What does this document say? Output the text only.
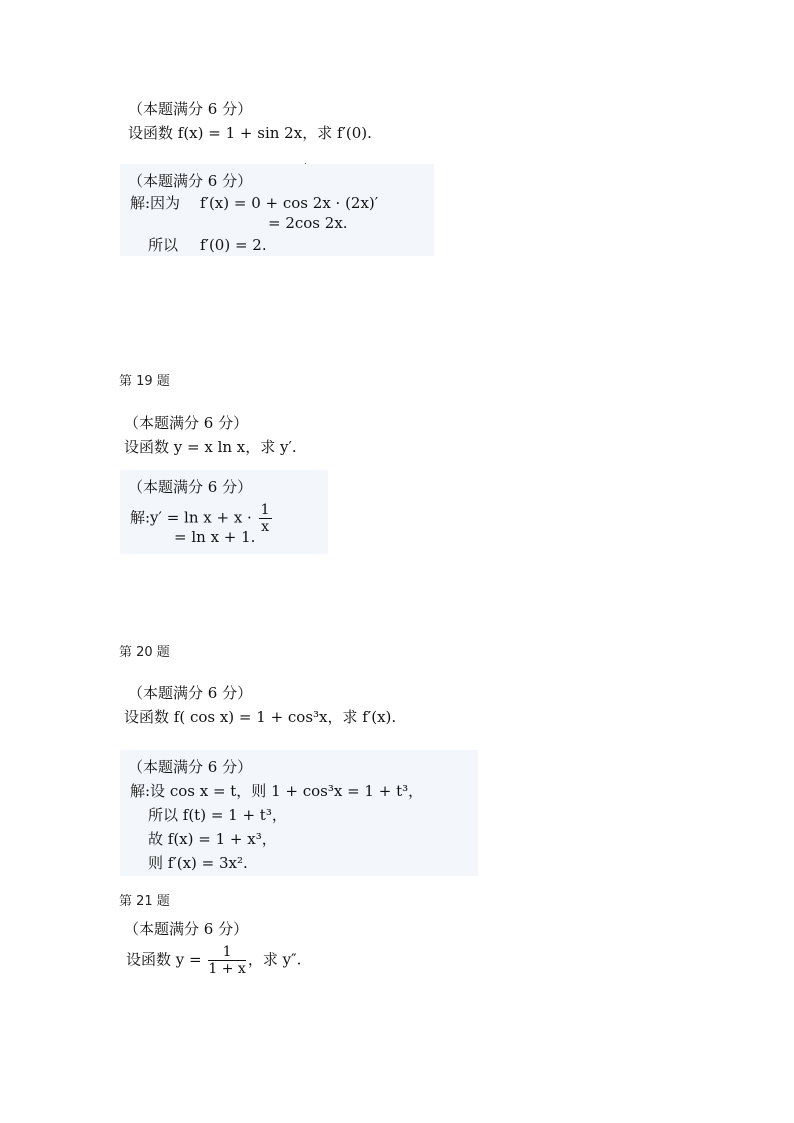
（本题满分 6 分）
设函数 f(x) = 1 + sin 2x，求 f′(0).
（本题满分 6 分）
解:因为 f′(x) = 0 + cos 2x · (2x)′
= 2cos 2x.
所以 f′(0) = 2.
第 19 题
（本题满分 6 分）
设函数 y = x ln x，求 y′.
（本题满分 6 分）
解:y′ = $\ln x + x \cdot \frac{1}{x}$
= ln x + 1.
第 20 题
（本题满分 6 分）
设函数 f( cos x) = 1 + cos³x，求 f′(x).
（本题满分 6 分）
解:设 cos x = t，则 1 + cos³x = 1 + t³，
所以 f(t) = 1 + t³，
故 f(x) = 1 + x³，
则 f′(x) = 3x².
第 21 题
（本题满分 6 分）
设函数 $y = \frac{1}{1 + x}$ ，求 y″.
